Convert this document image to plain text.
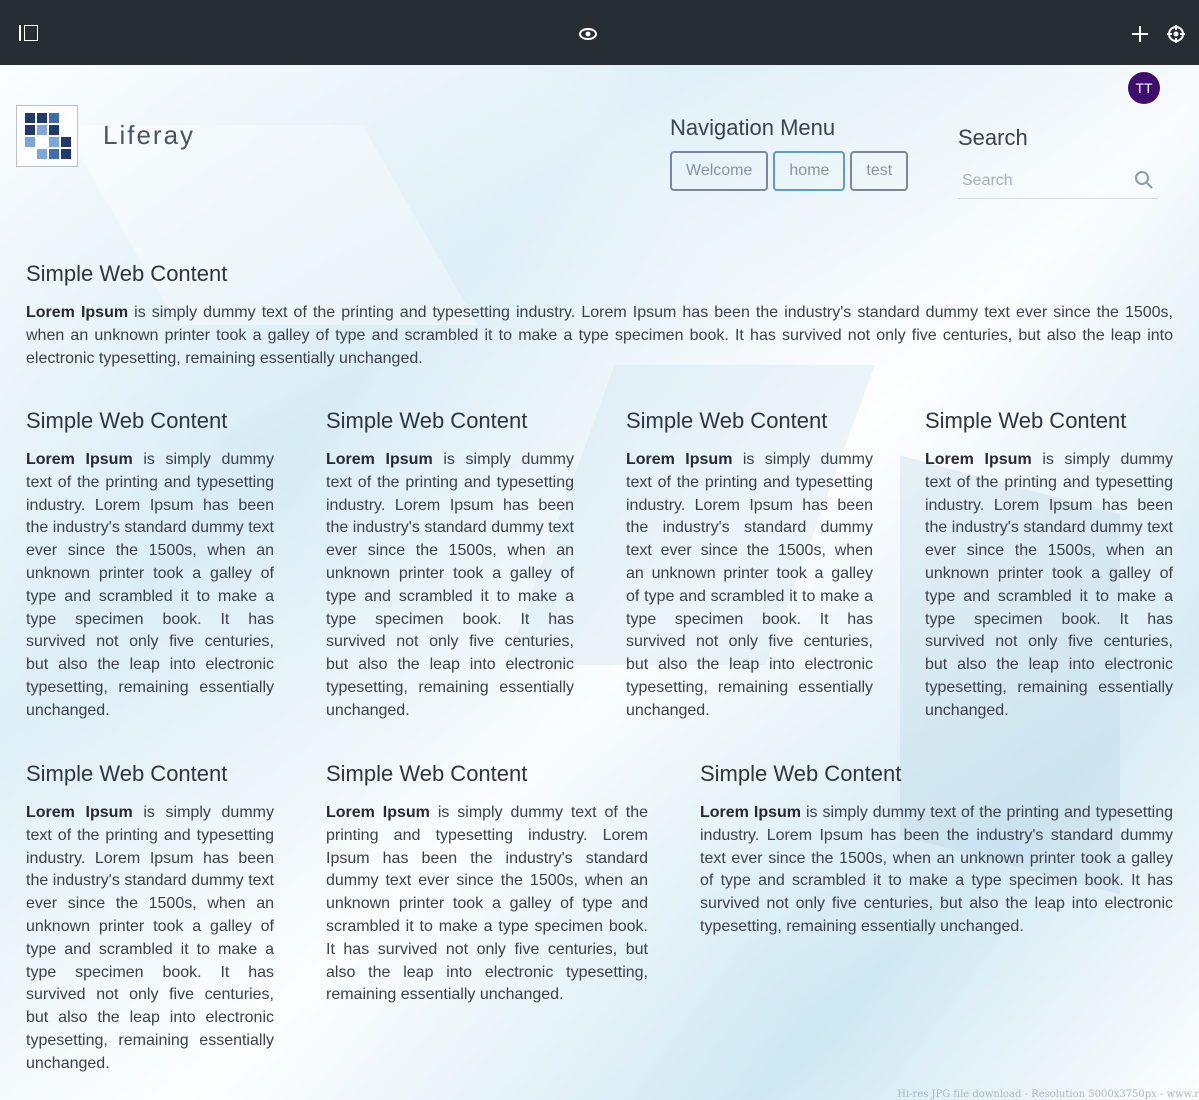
TT
Liferay	Navigation Menu
Welcome	home	test
Search
Search
Simple Web Content

Lorem Ipsum is simply dummy text of the printing and typesetting industry. Lorem Ipsum has been the industry's standard dummy text ever since the 1500s, when an unknown printer took a galley of type and scrambled it to make a type specimen book. It has survived not only five centuries, but also the leap into electronic typesetting, remaining essentially unchanged.

Simple Web Content

Lorem Ipsum is simply dummy text of the printing and typesetting industry. Lorem Ipsum has been the industry's standard dummy text ever since the 1500s, when an unknown printer took a galley of type and scrambled it to make a type specimen book. It has survived not only five centuries, but also the leap into electronic typesetting, remaining essentially unchanged.

Simple Web Content

Lorem Ipsum is simply dummy text of the printing and typesetting industry. Lorem Ipsum has been the industry's standard dummy text ever since the 1500s, when an unknown printer took a galley of type and scrambled it to make a type specimen book. It has survived not only five centuries, but also the leap into electronic typesetting, remaining essentially unchanged.

Simple Web Content

Lorem Ipsum is simply dummy text of the printing and typesetting industry. Lorem Ipsum has been the industry's standard dummy text ever since the 1500s, when an unknown printer took a galley of type and scrambled it to make a type specimen book. It has survived not only five centuries, but also the leap into electronic typesetting, remaining essentially unchanged.

Simple Web Content

Lorem Ipsum is simply dummy text of the printing and typesetting industry. Lorem Ipsum has been the industry's standard dummy text ever since the 1500s, when an unknown printer took a galley of type and scrambled it to make a type specimen book. It has survived not only five centuries, but also the leap into electronic typesetting, remaining essentially unchanged.

Simple Web Content

Lorem Ipsum is simply dummy text of the printing and typesetting industry. Lorem Ipsum has been the industry's standard dummy text ever since the 1500s, when an unknown printer took a galley of type and scrambled it to make a type specimen book. It has survived not only five centuries, but also the leap into electronic typesetting, remaining essentially unchanged.

Simple Web Content

Lorem Ipsum is simply dummy text of the printing and typesetting industry. Lorem Ipsum has been the industry's standard dummy text ever since the 1500s, when an unknown printer took a galley of type and scrambled it to make a type specimen book. It has survived not only five centuries, but also the leap into electronic typesetting, remaining essentially unchanged.

Simple Web Content

Lorem Ipsum is simply dummy text of the printing and typesetting industry. Lorem Ipsum has been the industry's standard dummy text ever since the 1500s, when an unknown printer took a galley of type and scrambled it to make a type specimen book. It has survived not only five centuries, but also the leap into electronic typesetting, remaining essentially unchanged.

Hi-res JPG file download - Resolution 5000x3750px - www.r
